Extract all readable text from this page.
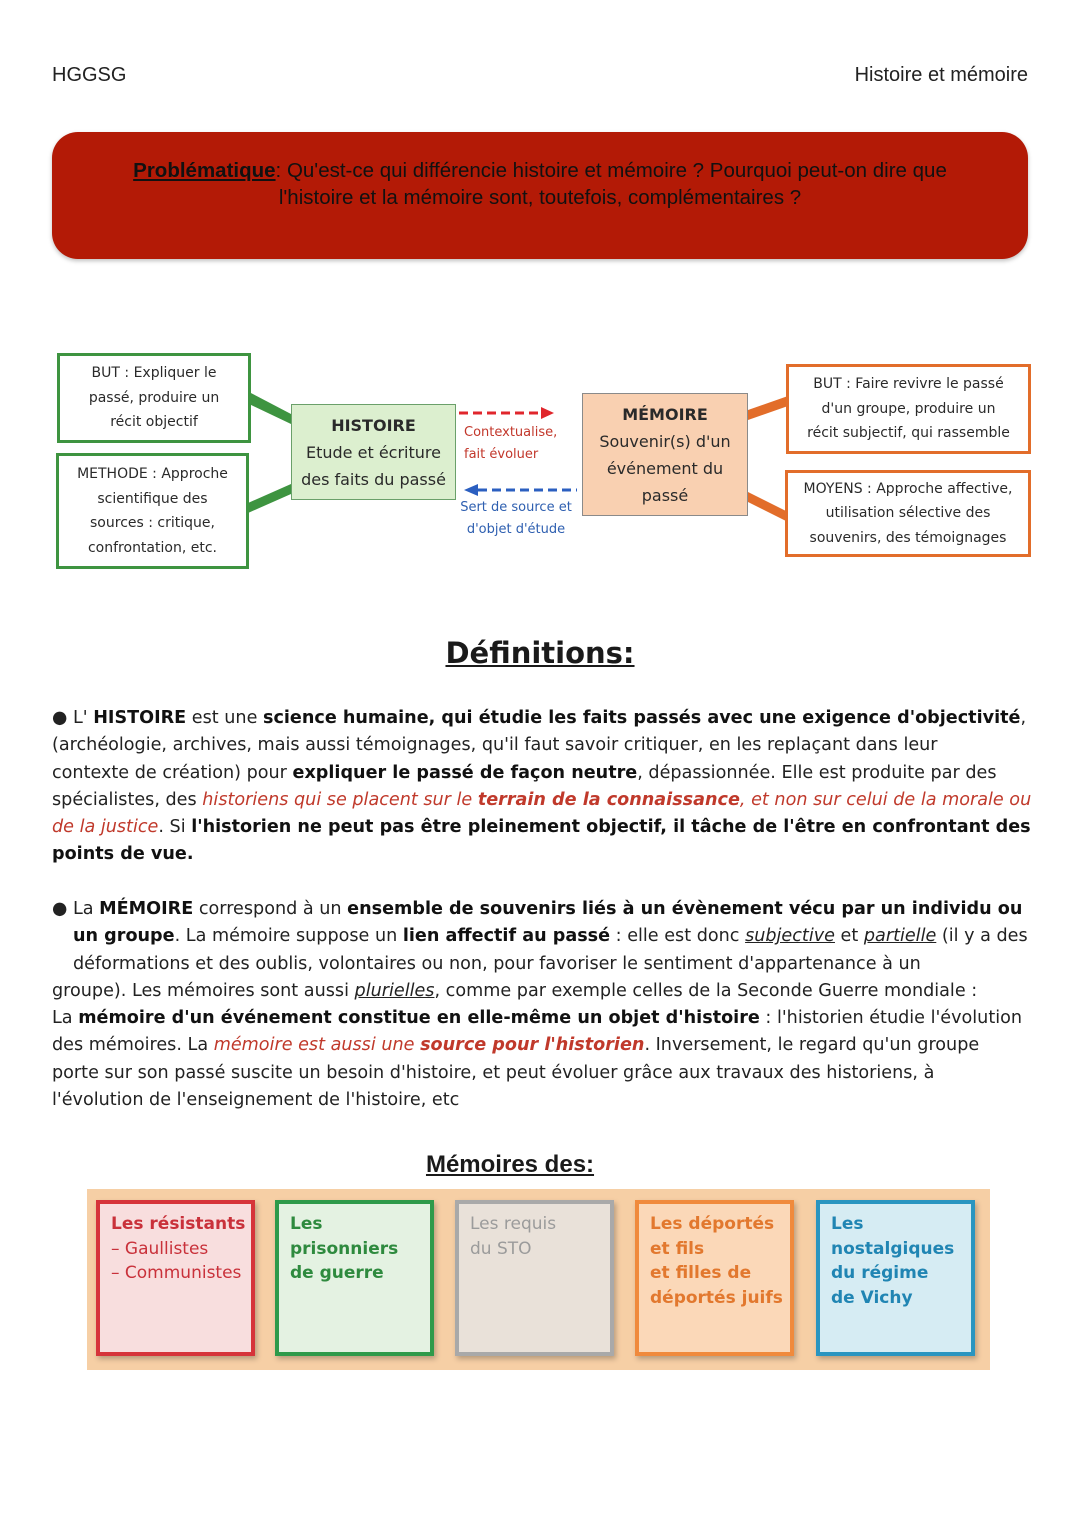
HGGSG	Histoire et mémoire
Problématique: Qu'est-ce qui différencie histoire et mémoire ? Pourquoi peut-on dire que
l'histoire et la mémoire sont, toutefois, complémentaires ?
BUT : Expliquer le
passé, produire un
récit objectif
METHODE : Approche
scientifique des
sources : critique,
confrontation, etc.
HISTOIRE
Etude et écriture
des faits du passé
Contextualise,
fait évoluer
Sert de source et
d'objet d'étude
MÉMOIRE
Souvenir(s) d'un
événement du
passé
BUT : Faire revivre le passé
d'un groupe, produire un
récit subjectif, qui rassemble
MOYENS : Approche affective,
utilisation sélective des
souvenirs, des témoignages
Définitions:
● L' HISTOIRE est une science humaine, qui étudie les faits passés avec une exigence d'objectivité,
(archéologie, archives, mais aussi témoignages, qu'il faut savoir critiquer, en les replaçant dans leur
contexte de création) pour expliquer le passé de façon neutre, dépassionnée. Elle est produite par des
spécialistes, des historiens qui se placent sur le terrain de la connaissance, et non sur celui de la morale ou
de la justice. Si l'historien ne peut pas être pleinement objectif, il tâche de l'être en confrontant des
points de vue.
● La MÉMOIRE correspond à un ensemble de souvenirs liés à un évènement vécu par un individu ou
un groupe. La mémoire suppose un lien affectif au passé : elle est donc subjective et partielle (il y a des
déformations et des oublis, volontaires ou non, pour favoriser le sentiment d'appartenance à un
groupe). Les mémoires sont aussi plurielles, comme par exemple celles de la Seconde Guerre mondiale :
La mémoire d'un événement constitue en elle-même un objet d'histoire : l'historien étudie l'évolution
des mémoires. La mémoire est aussi une source pour l'historien. Inversement, le regard qu'un groupe
porte sur son passé suscite un besoin d'histoire, et peut évoluer grâce aux travaux des historiens, à
l'évolution de l'enseignement de l'histoire, etc
Mémoires des:
Les résistants
– Gaullistes
– Communistes
Les
prisonniers
de guerre
Les requis
du STO
Les déportés
et fils
et filles de
déportés juifs
Les
nostalgiques
du régime
de Vichy
